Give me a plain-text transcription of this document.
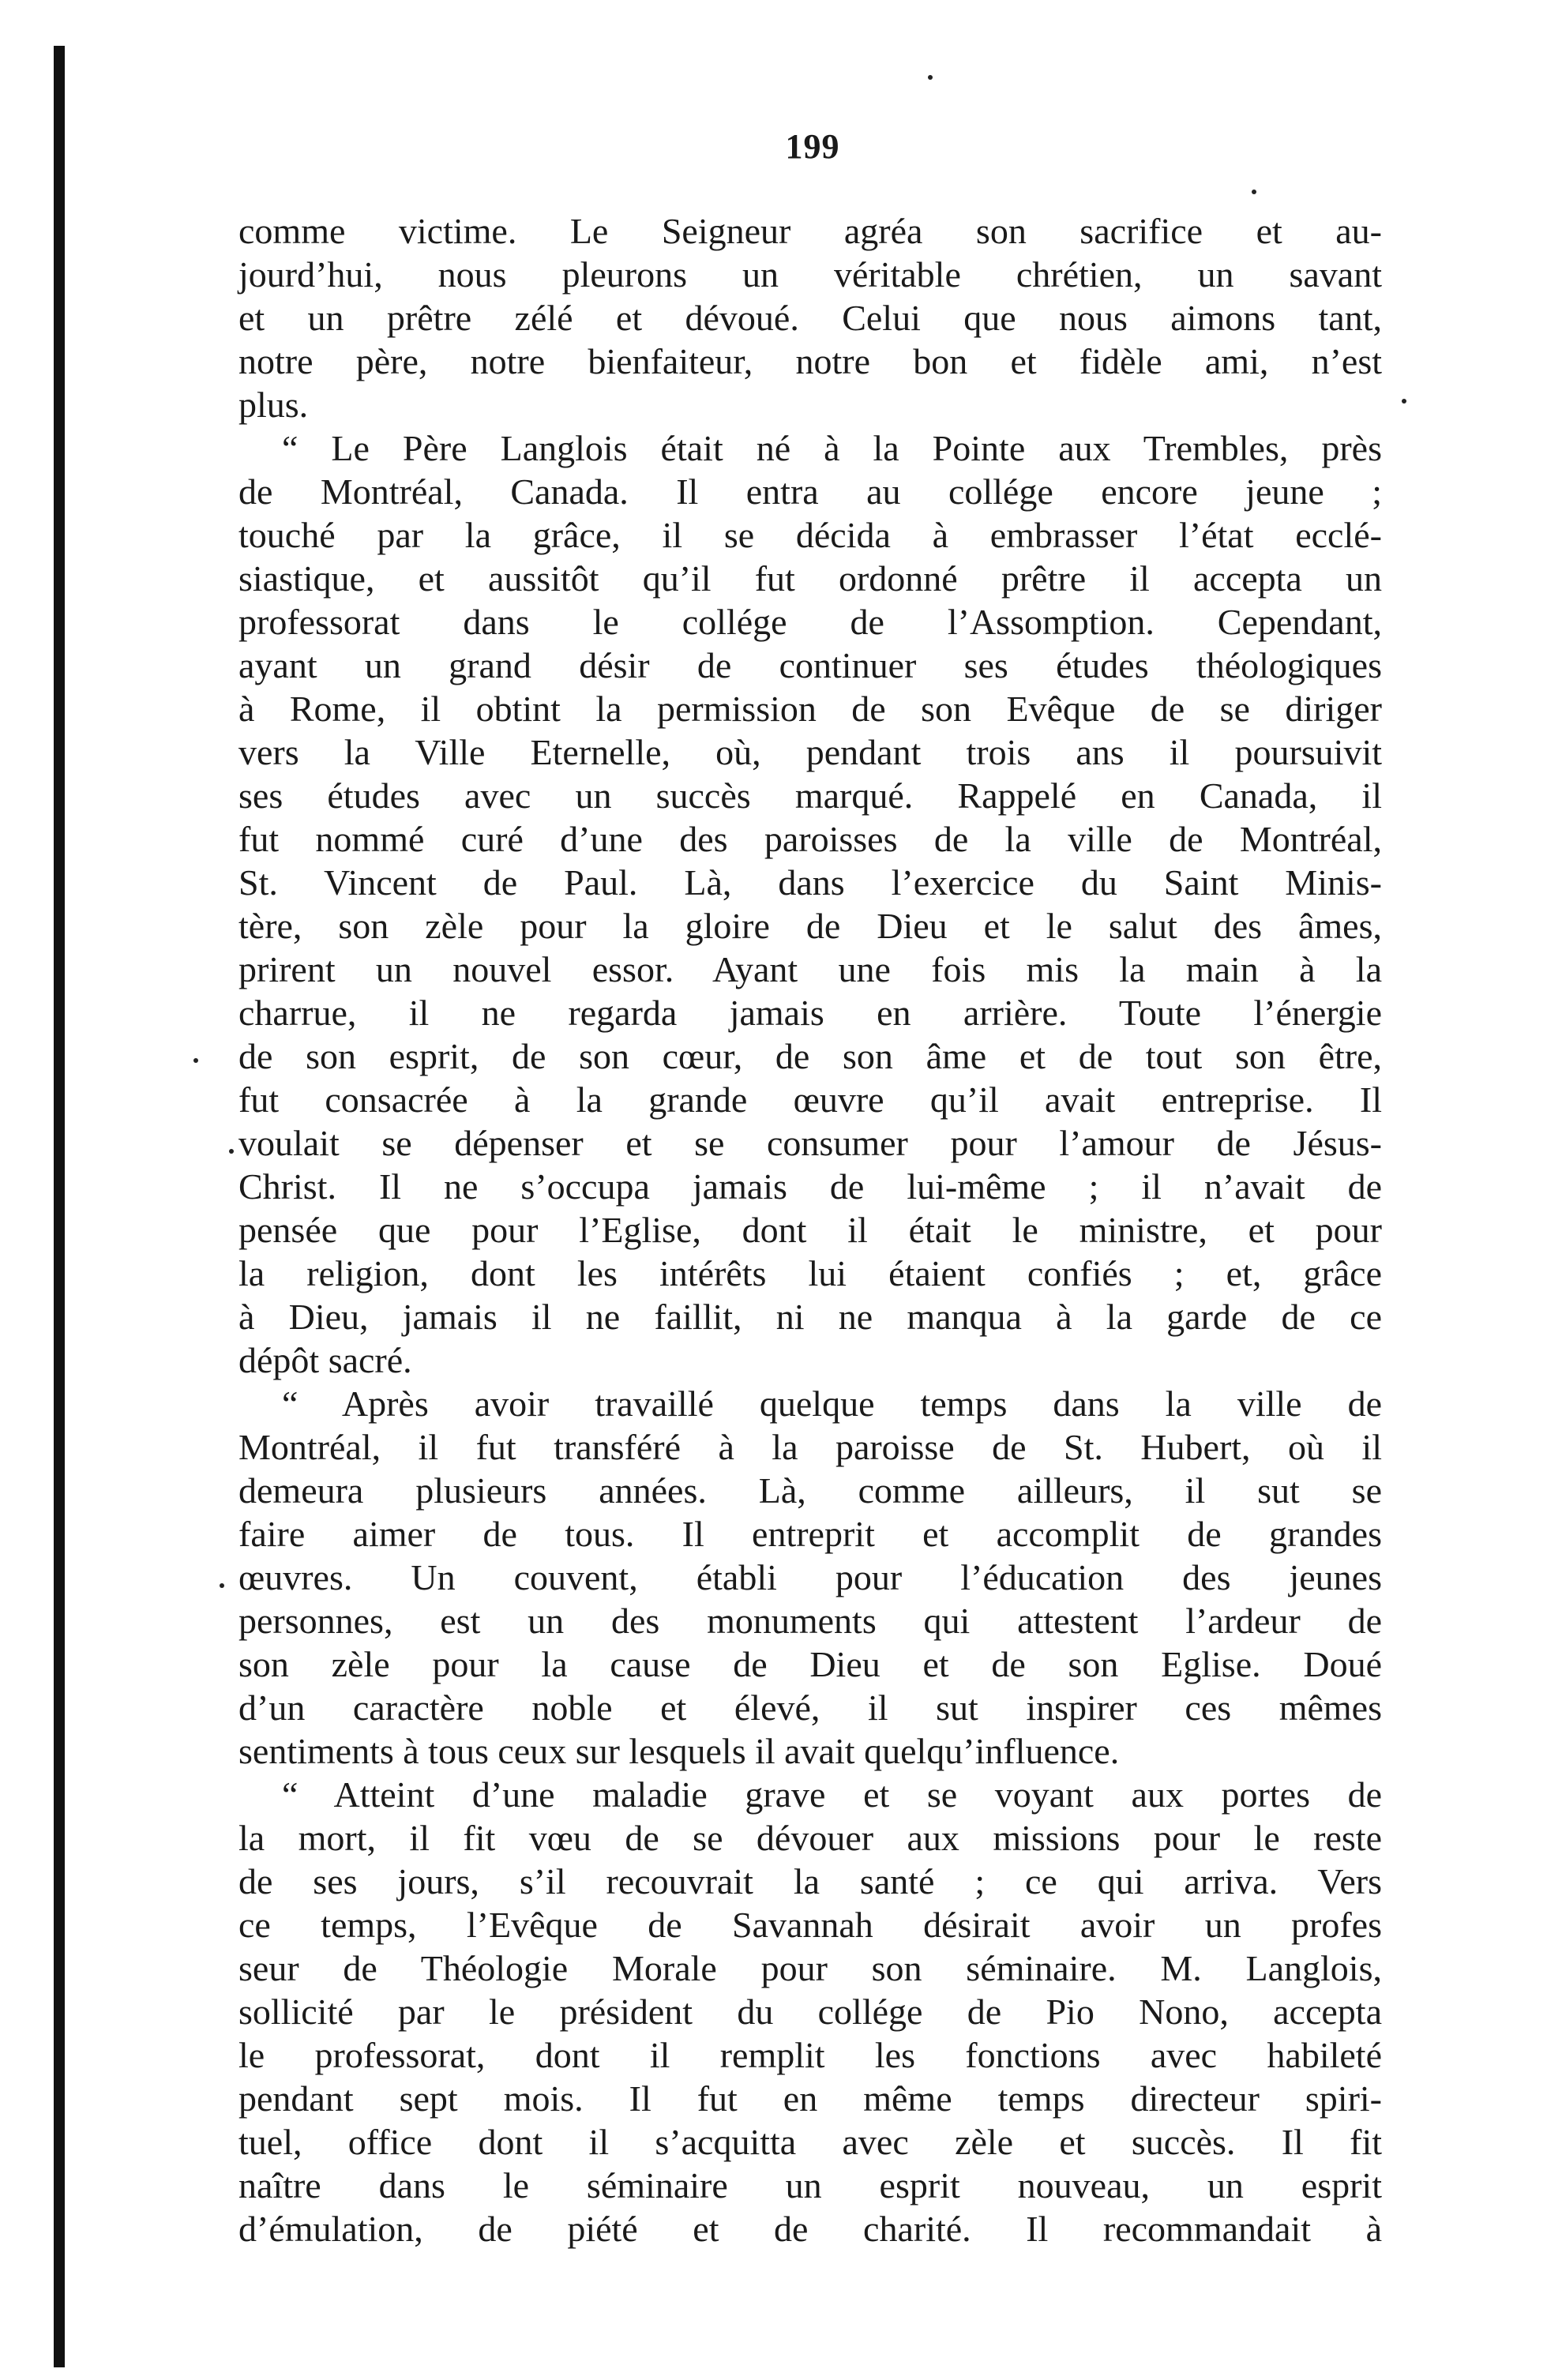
199
comme victime. Le Seigneur agréa son sacrifice et au-
jourd’hui, nous pleurons un véritable chrétien, un savant
et un prêtre zélé et dévoué. Celui que nous aimons tant,
notre père, notre bienfaiteur, notre bon et fidèle ami, n’est
plus.
“ Le Père Langlois était né à la Pointe aux Trembles, près
de Montréal, Canada. Il entra au collége encore jeune ;
touché par la grâce, il se décida à embrasser l’état ecclé-
siastique, et aussitôt qu’il fut ordonné prêtre il accepta un
professorat dans le collége de l’Assomption. Cependant,
ayant un grand désir de continuer ses études théologiques
à Rome, il obtint la permission de son Evêque de se diriger
vers la Ville Eternelle, où, pendant trois ans il poursuivit
ses études avec un succès marqué. Rappelé en Canada, il
fut nommé curé d’une des paroisses de la ville de Montréal,
St. Vincent de Paul. Là, dans l’exercice du Saint Minis-
tère, son zèle pour la gloire de Dieu et le salut des âmes,
prirent un nouvel essor. Ayant une fois mis la main à la
charrue, il ne regarda jamais en arrière. Toute l’énergie
de son esprit, de son cœur, de son âme et de tout son être,
fut consacrée à la grande œuvre qu’il avait entreprise. Il
voulait se dépenser et se consumer pour l’amour de Jésus-
Christ. Il ne s’occupa jamais de lui-même ; il n’avait de
pensée que pour l’Eglise, dont il était le ministre, et pour
la religion, dont les intérêts lui étaient confiés ; et, grâce
à Dieu, jamais il ne faillit, ni ne manqua à la garde de ce
dépôt sacré.
“ Après avoir travaillé quelque temps dans la ville de
Montréal, il fut transféré à la paroisse de St. Hubert, où il
demeura plusieurs années. Là, comme ailleurs, il sut se
faire aimer de tous. Il entreprit et accomplit de grandes
œuvres. Un couvent, établi pour l’éducation des jeunes
personnes, est un des monuments qui attestent l’ardeur de
son zèle pour la cause de Dieu et de son Eglise. Doué
d’un caractère noble et élevé, il sut inspirer ces mêmes
sentiments à tous ceux sur lesquels il avait quelqu’influence.
“ Atteint d’une maladie grave et se voyant aux portes de
la mort, il fit vœu de se dévouer aux missions pour le reste
de ses jours, s’il recouvrait la santé ; ce qui arriva. Vers
ce temps, l’Evêque de Savannah désirait avoir un profes
seur de Théologie Morale pour son séminaire. M. Langlois,
sollicité par le président du collége de Pio Nono, accepta
le professorat, dont il remplit les fonctions avec habileté
pendant sept mois. Il fut en même temps directeur spiri-
tuel, office dont il s’acquitta avec zèle et succès. Il fit
naître dans le séminaire un esprit nouveau, un esprit
d’émulation, de piété et de charité. Il recommandait à
